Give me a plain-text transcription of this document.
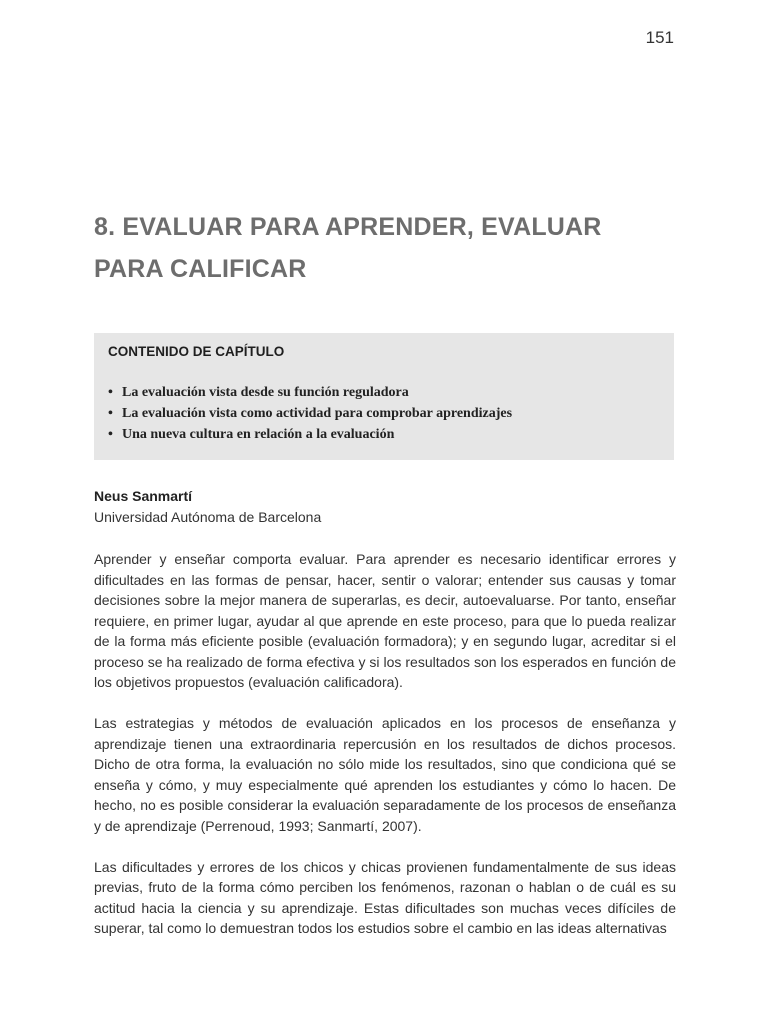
151
8. EVALUAR PARA APRENDER, EVALUAR
PARA CALIFICAR
CONTENIDO DE CAPÍTULO
• La evaluación vista desde su función reguladora
• La evaluación vista como actividad para comprobar aprendizajes
• Una nueva cultura en relación a la evaluación
Neus Sanmartí
Universidad Autónoma de Barcelona

Aprender y enseñar comporta evaluar. Para aprender es necesario identificar errores y dificultades en las formas de pensar, hacer, sentir o valorar; entender sus causas y tomar decisiones sobre la mejor manera de superarlas, es decir, autoevaluarse. Por tanto, enseñar requiere, en primer lugar, ayudar al que aprende en este proceso, para que lo pueda realizar de la forma más eficiente posible (evaluación formadora); y en segundo lugar, acreditar si el proceso se ha realizado de forma efectiva y si los resultados son los esperados en función de los objetivos propuestos (evaluación calificadora).

Las estrategias y métodos de evaluación aplicados en los procesos de enseñanza y aprendizaje tienen una extraordinaria repercusión en los resultados de dichos procesos. Dicho de otra forma, la evaluación no sólo mide los resultados, sino que condiciona qué se enseña y cómo, y muy especialmente qué aprenden los estudiantes y cómo lo hacen. De hecho, no es posible considerar la evaluación separadamente de los procesos de enseñanza y de aprendizaje (Perrenoud, 1993; Sanmartí, 2007).

Las dificultades y errores de los chicos y chicas provienen fundamentalmente de sus ideas previas, fruto de la forma cómo perciben los fenómenos, razonan o hablan o de cuál es su actitud hacia la ciencia y su aprendizaje. Estas dificultades son muchas veces difíciles de superar, tal como lo demuestran todos los estudios sobre el cambio en las ideas alternativas
